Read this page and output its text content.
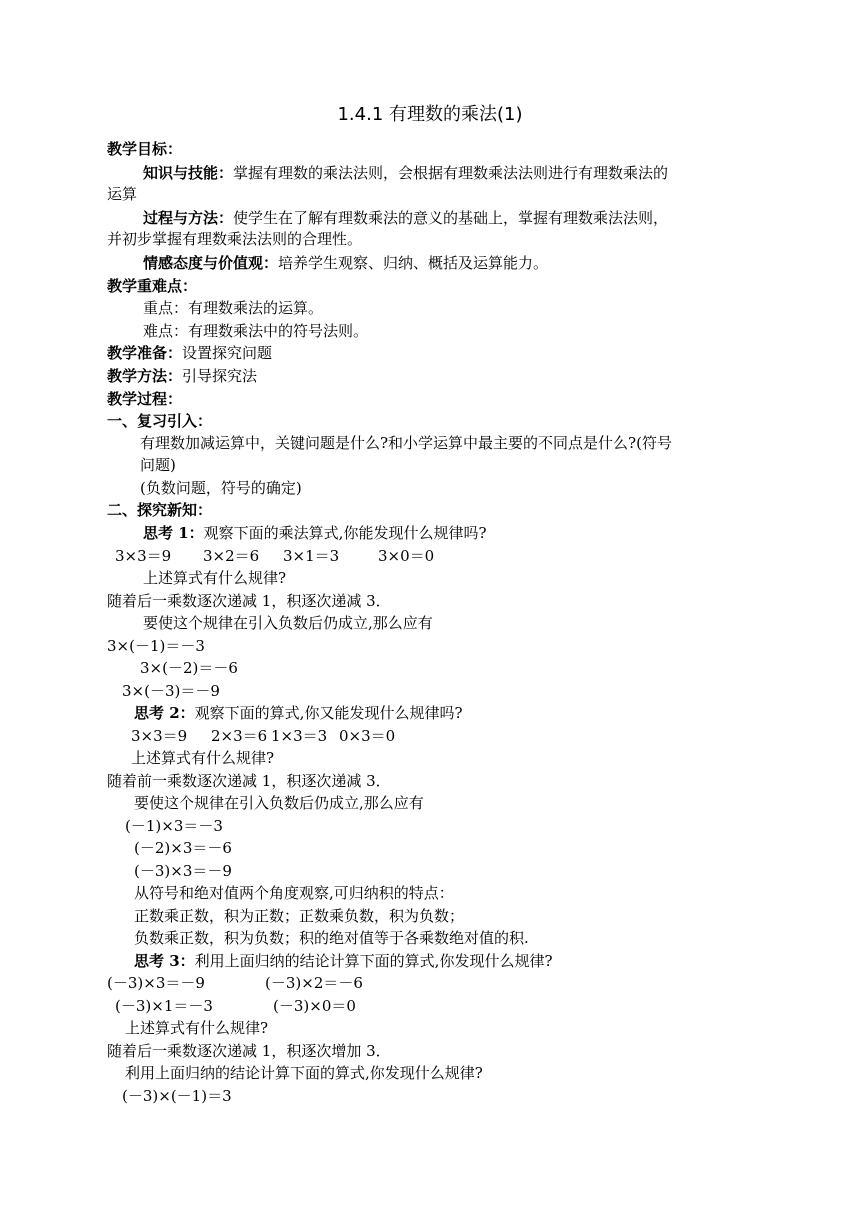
1.4.1 有理数的乘法(1)
教学目标：
知识与技能：掌握有理数的乘法法则，会根据有理数乘法法则进行有理数乘法的
运算
过程与方法：使学生在了解有理数乘法的意义的基础上，掌握有理数乘法法则，
并初步掌握有理数乘法法则的合理性。
情感态度与价值观：培养学生观察、归纳、概括及运算能力。
教学重难点：
重点：有理数乘法的运算。
难点：有理数乘法中的符号法则。
教学准备：设置探究问题
教学方法：引导探究法
教学过程：
一、复习引入：
有理数加减运算中，关键问题是什么?和小学运算中最主要的不同点是什么?(符号
问题)
(负数问题，符号的确定)
二、探究新知：
思考 1：观察下面的乘法算式,你能发现什么规律吗?
3×3＝9 3×2＝6 3×1＝3	3×0＝0
上述算式有什么规律?
随着后一乘数逐次递减 1，积逐次递减 3．
要使这个规律在引入负数后仍成立,那么应有
3×(－1)＝－3
3×(－2)＝－6
3×(－3)＝－9
思考 2：观察下面的算式,你又能发现什么规律吗?
3×3＝9 2×3＝6 1×3＝3 0×3＝0
上述算式有什么规律?
随着前一乘数逐次递减 1，积逐次递减 3．
要使这个规律在引入负数后仍成立,那么应有
(－1)×3＝－3
(－2)×3＝－6
(－3)×3＝－9
从符号和绝对值两个角度观察,可归纳积的特点：
正数乘正数，积为正数；正数乘负数，积为负数；
负数乘正数，积为负数；积的绝对值等于各乘数绝对值的积.
思考 3：利用上面归纳的结论计算下面的算式,你发现什么规律?
(－3)×3＝－9	(－3)×2＝－6
(－3)×1＝－3	(－3)×0＝0
上述算式有什么规律?
随着后一乘数逐次递减 1，积逐次增加 3．
利用上面归纳的结论计算下面的算式,你发现什么规律?
(－3)×(－1)＝3
